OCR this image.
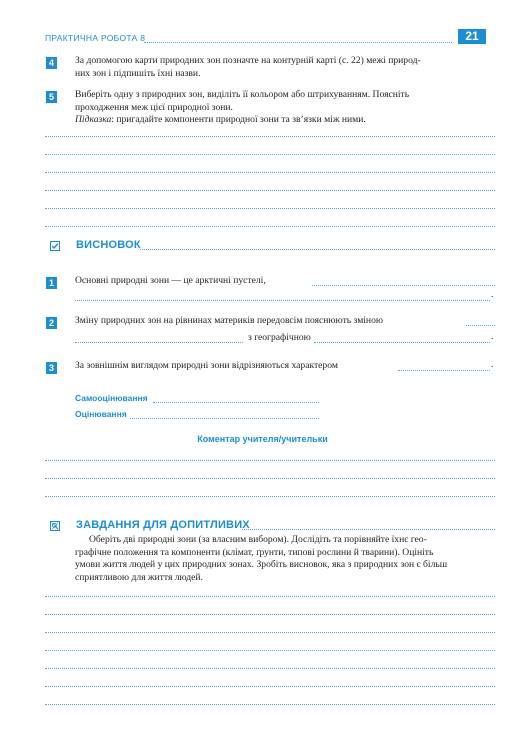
ПРАКТИЧНА РОБОТА 8	21
4	За допомогою карти природних зон позначте на контурній карті (с. 22) межі природ-
них зон і підпишіть їхні назви.
5	Виберіть одну з природних зон, виділіть її кольором або штрихуванням. Поясніть
проходження меж цієї природної зони.
Підказка: пригадайте компоненти природної зони та зв’язки між ними.
ВИСНОВОК
1	Основні природні зони — це арктичні пустелі,
.
2	Зміну природних зон на рівнинах материків передовсім пояснюють зміною
з географічною	.
3	За зовнішнім виглядом природні зони відрізняються характером	.
Самооцінювання
Оцінювання
Коментар учителя/учительки
ЗАВДАННЯ ДЛЯ ДОПИТЛИВИХ
Оберіть дві природні зони (за власним вибором). Дослідіть та порівняйте їхнє гео-
графічне положення та компоненти (клімат, ґрунти, типові рослини й тварини). Оцініть
умови життя людей у цих природних зонах. Зробіть висновок, яка з природних зон є більш
сприятливою для життя людей.
